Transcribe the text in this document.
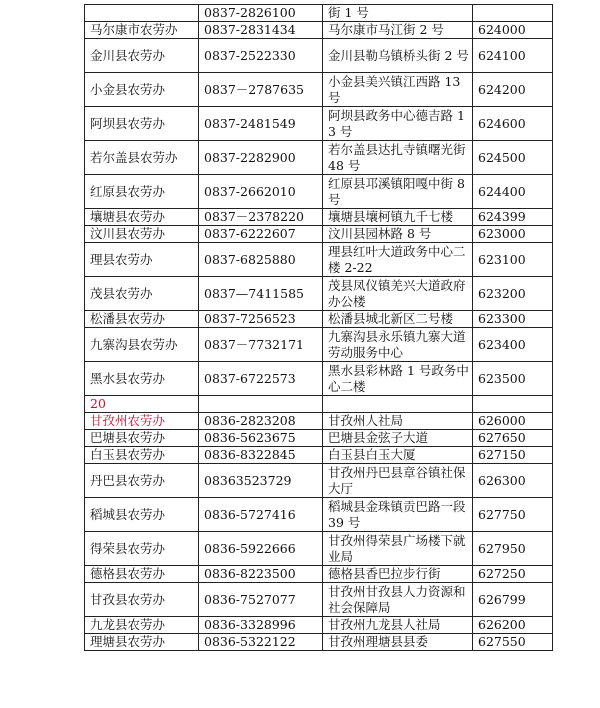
	0837-2826100	街 1 号	
马尔康市农劳办	0837-2831434	马尔康市马江街 2 号	624000
金川县农劳办	0837-2522330	金川县勒乌镇桥头街 2 号	624100
小金县农劳办	0837－2787635	小金县美兴镇江西路 13 号	624200
阿坝县农劳办	0837-2481549	阿坝县政务中心德吉路 13 号	624600
若尔盖县农劳办	0837-2282900	若尔盖县达扎寺镇曙光街 48 号	624500
红原县农劳办	0837-2662010	红原县邛溪镇阳嘎中街 8 号	624400
壤塘县农劳办	0837－2378220	壤塘县壤柯镇九千七楼	624399
汶川县农劳办	0837-6222607	汶川县园林路 8 号	623000
理县农劳办	0837-6825880	理县红叶大道政务中心二楼 2-22	623100
茂县农劳办	0837—7411585	茂县凤仪镇羌兴大道政府办公楼	623200
松潘县农劳办	0837-7256523	松潘县城北新区二号楼	623300
九寨沟县农劳办	0837－7732171	九寨沟县永乐镇九寨大道劳动服务中心	623400
黑水县农劳办	0837-6722573	黑水县彩林路 1 号政务中心二楼	623500
20			
甘孜州农劳办	0836-2823208	甘孜州人社局	626000
巴塘县农劳办	0836-5623675	巴塘县金弦子大道	627650
白玉县农劳办	0836-8322845	白玉县白玉大厦	627150
丹巴县农劳办	08363523729	甘孜州丹巴县章谷镇社保大厅	626300
稻城县农劳办	0836-5727416	稻城县金珠镇贡巴路一段 39 号	627750
得荣县农劳办	0836-5922666	甘孜州得荣县广场楼下就业局	627950
德格县农劳办	0836-8223500	德格县香巴拉步行街	627250
甘孜县农劳办	0836-7527077	甘孜州甘孜县人力资源和社会保障局	626799
九龙县农劳办	0836-3328996	甘孜州九龙县人社局	626200
理塘县农劳办	0836-5322122	甘孜州理塘县县委	627550
